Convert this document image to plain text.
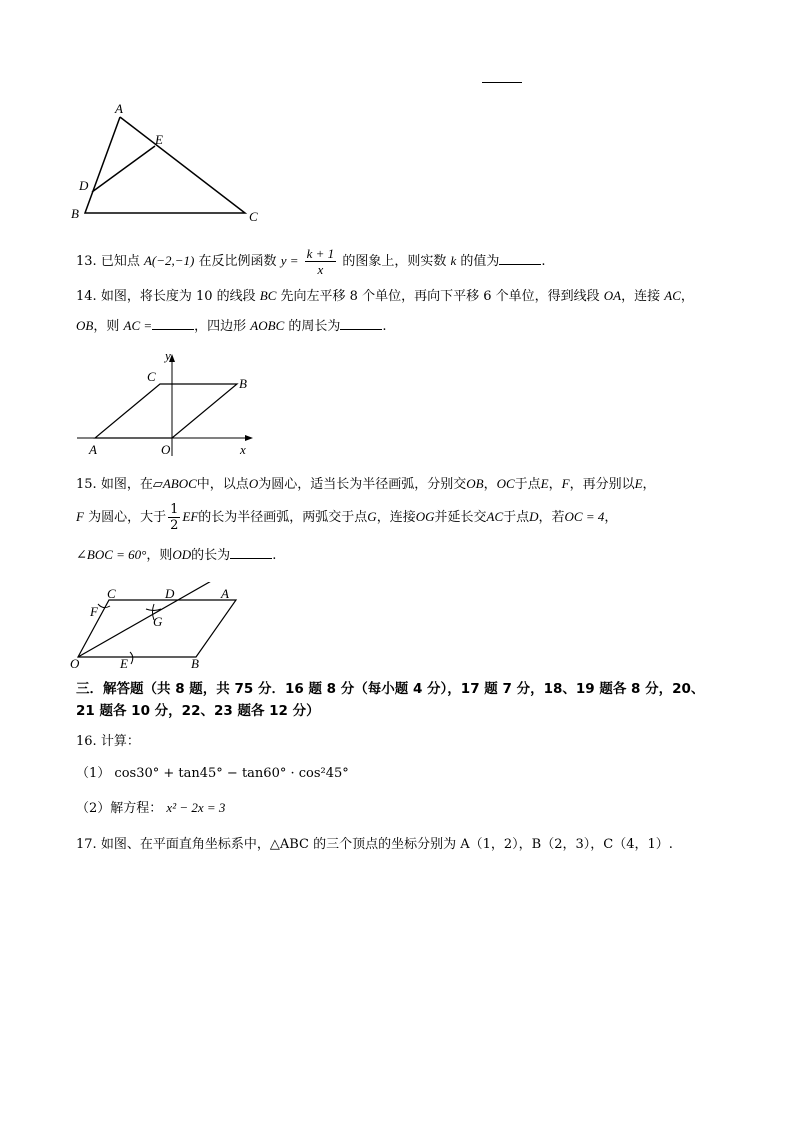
A
E
D
B	C
13. 已知点 A(−2,−1) 在反比例函数 $y = \frac{k + 1}{x}$ 的图象上，则实数 k 的值为	.
14. 如图，将长度为 10 的线段 BC 先向左平移 8 个单位，再向下平移 6 个单位，得到线段 OA，连接 AC，
OB，则 AC =	，四边形 AOBC 的周长为	.
y
x
C	B
A	O
15. 如图，在▱ABOC中，以点O为圆心，适当长为半径画弧，分别交OB，OC于点E，F，再分别以E，
F 为圆心，大于 $\frac{1}{2}$ EF的长为半径画弧，两弧交于点G，连接OG并延长交AC于点D，若OC = 4，
∠BOC = 60°，则OD的长为	.
C	D	A
F
G
O	E	B
三．解答题（共 8 题，共 75 分．16 题 8 分（每小题 4 分），17 题 7 分，18、19 题各 8 分，20、
21 题各 10 分，22、23 题各 12 分）
16. 计算：
（1） cos30° + tan45° − tan60° · cos²45°
（2）解方程： x² − 2x = 3
17. 如图、在平面直角坐标系中，△ABC 的三个顶点的坐标分别为 A（1，2），B（2，3），C（4，1）.
